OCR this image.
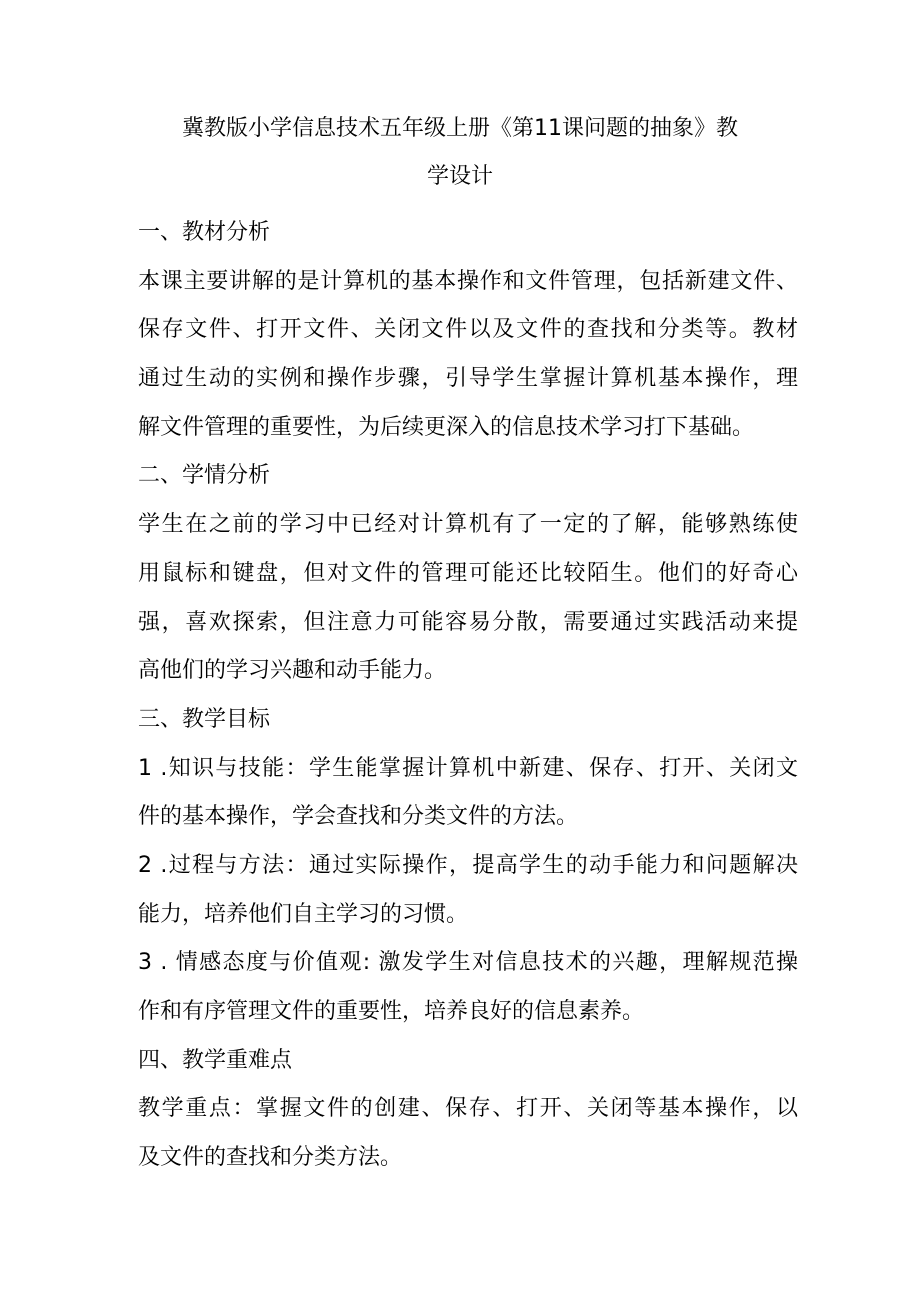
冀教版小学信息技术五年级上册《第11课问题的抽象》教
学设计
一、教材分析
本课主要讲解的是计算机的基本操作和文件管理，包括新建文件、
保存文件、打开文件、关闭文件以及文件的查找和分类等。教材
通过生动的实例和操作步骤，引导学生掌握计算机基本操作，理
解文件管理的重要性，为后续更深入的信息技术学习打下基础。
二、学情分析
学生在之前的学习中已经对计算机有了一定的了解，能够熟练使
用鼠标和键盘，但对文件的管理可能还比较陌生。他们的好奇心
强，喜欢探索，但注意力可能容易分散，需要通过实践活动来提
高他们的学习兴趣和动手能力。
三、教学目标
1 .知识与技能：学生能掌握计算机中新建、保存、打开、关闭文
件的基本操作，学会查找和分类文件的方法。
2 .过程与方法：通过实际操作，提高学生的动手能力和问题解决
能力，培养他们自主学习的习惯。
3 . 情感态度与价值观: 激发学生对信息技术的兴趣，理解规范操
作和有序管理文件的重要性，培养良好的信息素养。
四、教学重难点
教学重点：掌握文件的创建、保存、打开、关闭等基本操作，以
及文件的查找和分类方法。
